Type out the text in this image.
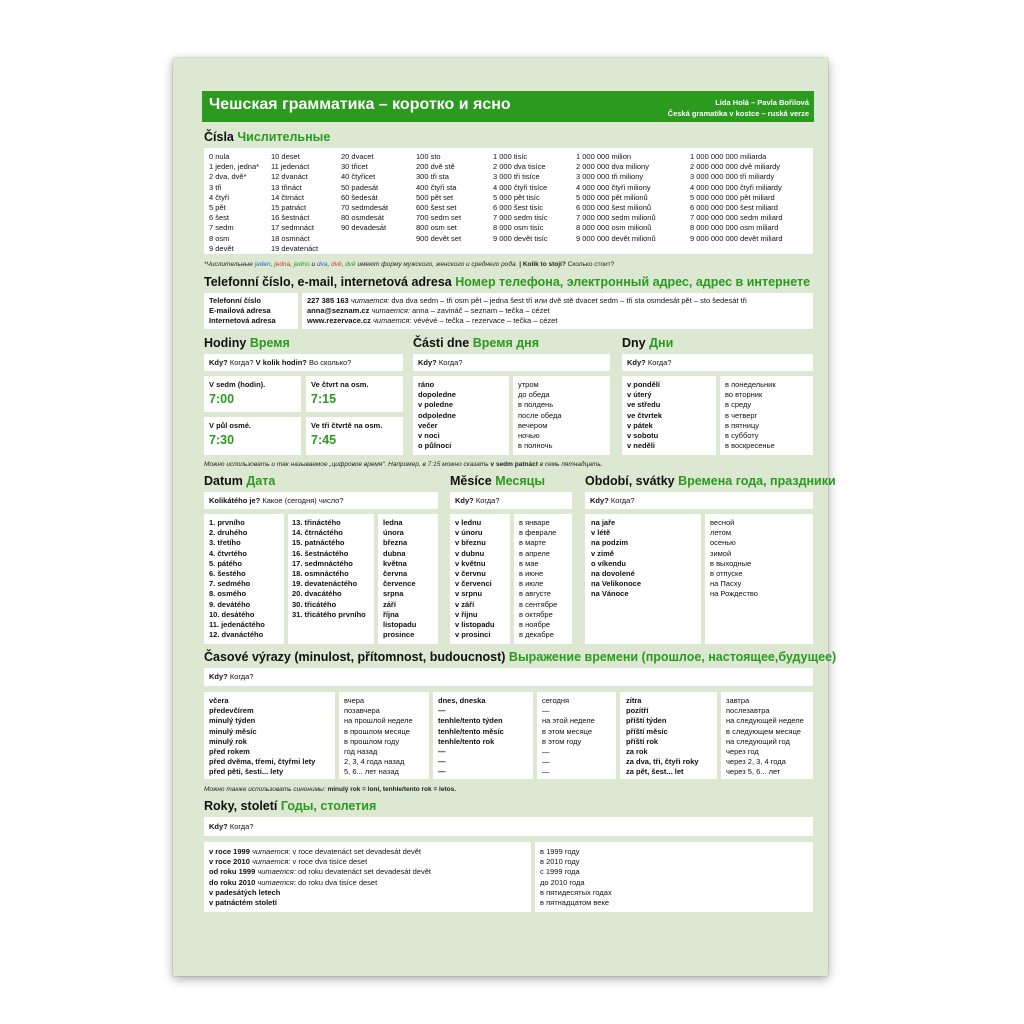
Чешская грамматика – коротко и ясно	Lída Holá – Pavla Bořilová
Česká gramatika v kostce – ruská verze
Čísla Числительные
0 nula
1 jeden, jedna*
2 dva, dvě*
3 tři
4 čtyři
5 pět
6 šest
7 sedm
8 osm
9 devět
10 deset
11 jedenáct
12 dvanáct
13 třináct
14 čtrnáct
15 patnáct
16 šestnáct
17 sedmnáct
18 osmnáct
19 devatenáct
20 dvacet
30 třicet
40 čtyřicet
50 padesát
60 šedesát
70 sedmdesát
80 osmdesát
90 devadesát
100 sto
200 dvě stě
300 tři sta
400 čtyři sta
500 pět set
600 šest set
700 sedm set
800 osm set
900 devět set
1 000 tisíc
2 000 dva tisíce
3 000 tři tisíce
4 000 čtyři tisíce
5 000 pět tisíc
6 000 šest tisíc
7 000 sedm tisíc
8 000 osm tisíc
9 000 devět tisíc
1 000 000 milion
2 000 000 dva miliony
3 000 000 tři miliony
4 000 000 čtyři miliony
5 000 000 pět milionů
6 000 000 šest milionů
7 000 000 sedm milionů
8 000 000 osm milionů
9 000 000 devět milionů
1 000 000 000 miliarda
2 000 000 000 dvě miliardy
3 000 000 000 tři miliardy
4 000 000 000 čtyři miliardy
5 000 000 000 pět miliard
6 000 000 000 šest miliard
7 000 000 000 sedm miliard
8 000 000 000 osm miliard
9 000 000 000 devět miliard
*Числительные jeden, jedna, jedno и dva, dvě, dvě имеют форму мужского, женского и среднего рода. | Kolik to stojí? Сколько стоит?
Telefonní číslo, e-mail, internetová adresa Номер телефона, электронный адрес, адрес в интернете
Telefonní číslo
E-mailová adresa
Internetová adresa
227 385 163 читается: dva dva sedm – tři osm pět – jedna šest tři или dvě stě dvacet sedm – tři sta osmdesát pět – sto šedesát tři
anna@seznam.cz читается: anna – zavináč – seznam – tečka – cézet
www.rezervace.cz читается: vévévé – tečka – rezervace – tečka – cézet
Hodiny Время
Kdy? Когда? V kolik hodin? Во сколько?
V sedm (hodin).
7:00
Ve čtvrt na osm.
7:15
V půl osmé.
7:30
Ve tři čtvrtě na osm.
7:45
Části dne Время дня
Kdy? Когда?
ráno
dopoledne
v poledne
odpoledne
večer
v noci
o půlnoci
утром
до обеда
в полдень
после обеда
вечером
ночью
в полночь
Dny Дни
Kdy? Когда?
v pondělí
v úterý
ve středu
ve čtvrtek
v pátek
v sobotu
v neděli
в понедельник
во вторник
в среду
в четверг
в пятницу
в субботу
в воскресенье
Можно использовать и так называемое „цифровое время“. Например, в 7:15 можно сказать v sedm patnáct в семь пятнадцать.
Datum Дата
Kolikátého je? Какое (сегодня) число?
1. prvního
2. druhého
3. třetího
4. čtvrtého
5. pátého
6. šestého
7. sedmého
8. osmého
9. devátého
10. desátého
11. jedenáctého
12. dvanáctého
13. třináctého
14. čtrnáctého
15. patnáctého
16. šestnáctého
17. sedmnáctého
18. osmnáctého
19. devatenáctého
20. dvacátého
30. třicátého
31. třicátého prvního
ledna
února
března
dubna
května
června
července
srpna
září
října
listopadu
prosince
Měsíce Месяцы
Kdy? Когда?
v lednu
v únoru
v březnu
v dubnu
v květnu
v červnu
v červenci
v srpnu
v září
v říjnu
v listopadu
v prosinci
в январе
в феврале
в марте
в апреле
в мае
в июне
в июле
в августе
в сентябре
в октябре
в ноябре
в декабре
Období, svátky Времена года, праздники
Kdy? Когда?
na jaře
v létě
na podzim
v zimě
o víkendu
na dovolené
na Velikonoce
na Vánoce
весной
летом
осенью
зимой
в выходные
в отпуске
на Пасху
на Рождество
Časové výrazy (minulost, přítomnost, budoucnost) Выражение времени (прошлое, настоящее,будущее)
Kdy? Когда?
včera
předevčírem
minulý týden
minulý měsíc
minulý rok
před rokem
před dvěma, třemi, čtyřmi lety
před pěti, šesti... lety
вчера
позавчера
на прошлой неделе
в прошлом месяце
в прошлом году
год назад
2, 3, 4 года назад
5, 6... лет назад
dnes, dneska
—
tenhle/tento týden
tenhle/tento měsíc
tenhle/tento rok
—
—
—
сегодня
—
на этой неделе
в этом месяце
в этом году
—
—
—
zítra
pozítří
příští týden
příští měsíc
příští rok
za rok
za dva, tři, čtyři roky
za pět, šest... let
завтра
послезавтра
на следующей неделе
в следующем месяце
на следующий год
через год
через 2, 3, 4 года
через 5, 6... лет
Можно также использовать синонимы: minulý rok = loni, tenhle/tento rok = letos.
Roky, století Годы, столетия
Kdy? Когда?
v roce 1999 читается: v roce devatenáct set devadesát devět
v roce 2010 читается: v roce dva tisíce deset
od roku 1999 читается: od roku devatenáct set devadesát devět
do roku 2010 читается: do roku dva tisíce deset
v padesátých letech
v patnáctém století
в 1999 году
в 2010 году
с 1999 года
до 2010 года
в пятидесятых годах
в пятнадцатом веке
